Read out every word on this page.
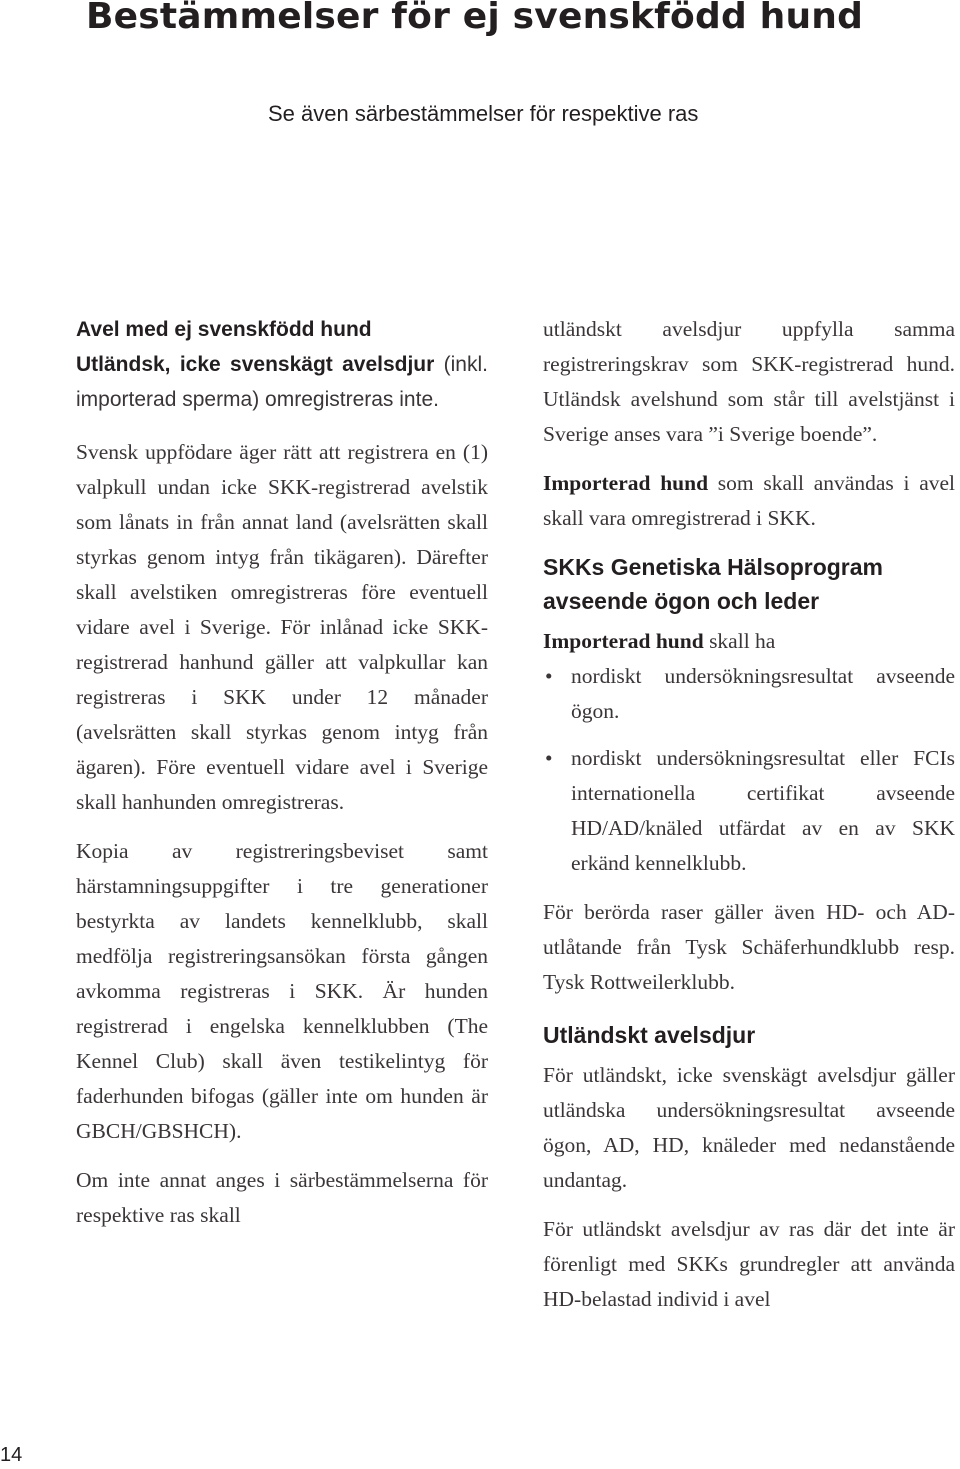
Bestämmelser för ej svenskfödd hund

Se även särbestämmelser för respektive ras

Avel med ej svenskfödd hund

Utländsk, icke svenskägt avelsdjur (inkl. importerad sperma) omregistreras inte.

Svensk uppfödare äger rätt att registrera en (1) valpkull undan icke SKK-registrerad avelstik som lånats in från annat land (avelsrätten skall styrkas genom intyg från tikägaren). Därefter skall avelstiken omregistreras före eventuell vidare avel i Sverige. För inlånad icke SKK-registrerad hanhund gäller att valpkullar kan registreras i SKK under 12 månader (avelsrätten skall styrkas genom intyg från ägaren). Före eventuell vidare avel i Sverige skall hanhunden omregistreras.

Kopia av registreringsbeviset samt härstamningsuppgifter i tre generationer bestyrkta av landets kennelklubb, skall medfölja registreringsansökan första gången avkomma registreras i SKK. Är hunden registrerad i engelska kennelklubben (The Kennel Club) skall även testikelintyg för faderhunden bifogas (gäller inte om hunden är GBCH/GBSHCH).

Om inte annat anges i särbestämmelserna för respektive ras skall

utländskt avelsdjur uppfylla samma registreringskrav som SKK-registrerad hund. Utländsk avelshund som står till avelstjänst i Sverige anses vara ”i Sverige boende”.

Importerad hund som skall användas i avel skall vara omregistrerad i SKK.

SKKs Genetiska Hälsoprogram avseende ögon och leder

Importerad hund skall ha

• nordiskt undersökningsresultat avseende ögon.
• nordiskt undersökningsresultat eller FCIs internationella certifikat avseende HD/AD/knäled utfärdat av en av SKK erkänd kennelklubb.

För berörda raser gäller även HD- och AD-utlåtande från Tysk Schäferhundklubb resp. Tysk Rottweilerklubb.

Utländskt avelsdjur

För utländskt, icke svenskägt avelsdjur gäller utländska undersökningsresultat avseende ögon, AD, HD, knäleder med nedanstående undantag.

För utländskt avelsdjur av ras där det inte är förenligt med SKKs grundregler att använda HD-belastad individ i avel

14
